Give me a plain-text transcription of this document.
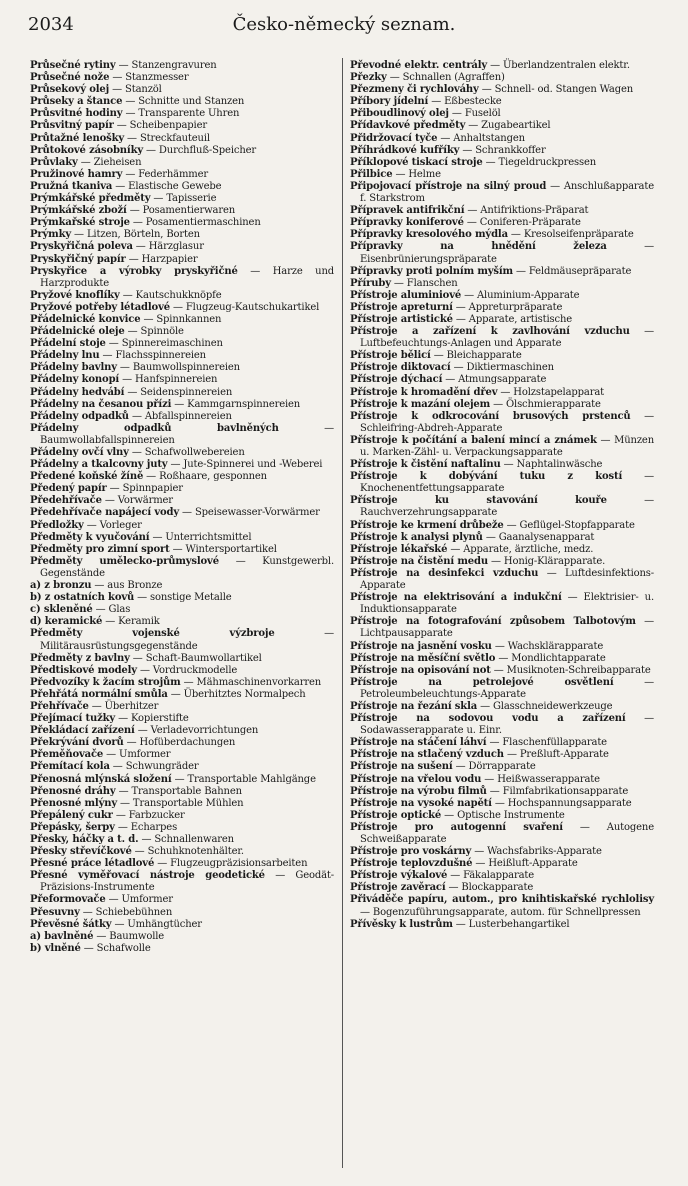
2034	Česko-německý seznam.
Průsečné rytiny — Stanzengravuren
Průsečné nože — Stanzmesser
Průsekový olej — Stanzöl
Průseky a štance — Schnitte und Stanzen
Průsvitné hodiny — Transparente Uhren
Průsvitný papír — Scheibenpapier
Průtažné lenošky — Streckfauteuil
Průtokové zásobníky — Durchfluß-Speicher
Průvlaky — Zieheisen
Pružinové hamry — Federhämmer
Pružná tkaniva — Elastische Gewebe
Prýmkářské předměty — Tapisserie
Prýmkářské zboží — Posamentierwaren
Prýmkařské stroje — Posamentiermaschinen
Prýmky — Litzen, Börteln, Borten
Pryskyřičná poleva — Härzglasur
Pryskyřičný papír — Harzpapier
Pryskyřice a výrobky pryskyřičné — Harze und Harzprodukte
Pryžové knoflíky — Kautschukknöpfe
Pryžové potřeby létadlové — Flugzeug-Kautschukartikel
Přádelnické konvice — Spinnkannen
Přádelnické oleje — Spinnöle
Přádelní stoje — Spinnereimaschinen
Přádelny lnu — Flachsspinnereien
Přádelny bavlny — Baumwollspinnereien
Přádelny konopí — Hanfspinnereien
Přádelny hedvábí — Seidenspinnereien
Přádelny na česanou přízi — Kammgarnspinnereien
Přádelny odpadků — Abfallspinnereien
Přádelny odpadků bavlněných — Baumwollabfallspinnereien
Přádelny ovčí vlny — Schafwollwebereien
Přádelny a tkalcovny juty — Jute-Spinnerei und -Weberei
Předené koňské žíně — Roßhaare, gesponnen
Předený papír — Spinnpapier
Předehřívače — Vorwärmer
Předehřívače napájecí vody — Speisewasser-Vorwärmer
Předložky — Vorleger
Předměty k vyučování — Unterrichtsmittel
Předměty pro zimní sport — Wintersportartikel
Předměty umělecko-průmyslové — Kunstgewerbl. Gegenstände
a) z bronzu — aus Bronze
b) z ostatních kovů — sonstige Metalle
c) skleněné — Glas
d) keramické — Keramik
Předměty vojenské výzbroje — Militärausrüstungsgegenstände
Předměty z bavlny — Schaft-Baumwollartikel
Předtiskové modely — Vordruckmodelle
Předvozíky k žacím strojům — Mähmaschinenvorkarren
Přehřátá normální smůla — Überhitztes Normalpech
Přehřívače — Überhitzer
Přejímací tužky — Kopierstifte
Překládací zařízení — Verladevorrichtungen
Překrývání dvorů — Hofüberdachungen
Přeměňovače — Umformer
Přemítací kola — Schwungräder
Přenosná mlýnská složení — Transportable Mahlgänge
Přenosné dráhy — Transportable Bahnen
Přenosné mlýny — Transportable Mühlen
Přepálený cukr — Farbzucker
Přepásky, šerpy — Echarpes
Přesky, háčky a t. d. — Schnallenwaren
Přesky střevíčkové — Schuhknotenhälter.
Přesné práce létadlové — Flugzeugpräzisionsarbeiten
Přesné vyměřovací nástroje geodetické — Geodät-Präzisions-Instrumente
Přeformovače — Umformer
Přesuvny — Schiebebühnen
Převěsné šátky — Umhängtücher
a) bavlněné — Baumwolle
b) vlněné — Schafwolle
Převodné elektr. centrály — Überlandzentralen elektr.
Přezky — Schnallen (Agraffen)
Přezmeny či rychlováhy — Schnell- od. Stangen Wagen
Příbory jídelní — Eßbestecke
Přiboudlinový olej — Fuselöl
Přídavkové předměty — Zugabeartikel
Přidržovací tyče — Anhaltstangen
Příhrádkové kufříky — Schrankkoffer
Příklopové tiskací stroje — Tiegeldruckpressen
Přilbice — Helme
Připojovací přístroje na silný proud — Anschlußapparate f. Starkstrom
Přípravek antifrikční — Antifriktions-Präparat
Přípravky koniferové — Coniferen-Präparate
Přípravky kresolového mýdla — Kresolseifenpräparate
Přípravky na hnědění železa — Eisenbrünierungspräparate
Přípravky proti polním myším — Feldmäusepräparate
Příruby — Flanschen
Přístroje aluminiové — Aluminium-Apparate
Přístroje apreturní — Appreturpräparate
Přístroje artistické — Apparate, artistische
Přístroje a zařízení k zavlhování vzduchu — Luftbefeuchtungs-Anlagen und Apparate
Přístroje bělicí — Bleichapparate
Přístroje diktovací — Diktiermaschinen
Přístroje dýchací — Atmungsapparate
Přístroje k hromadění dřev — Holzstapelapparat
Přístroje k mazání olejem — Ölschmierapparate
Přístroje k odkrocování brusových prstenců — Schleifring-Abdreh-Apparate
Přístroje k počítání a balení mincí a známek — Münzen u. Marken-Zähl- u. Verpackungsapparate
Přístroje k čistění naftalinu — Naphtalinwäsche
Přístroje k dobývání tuku z kostí — Knochenentfettungsapparate
Přístroje ku stavování kouře — Rauchverzehrungsapparate
Přístroje ke krmení drůbeže — Geflügel-Stopfapparate
Přístroje k analysi plynů — Gaanalysenapparat
Přístroje lékařské — Apparate, ärztliche, medz.
Přístroje na čistění medu — Honig-Klärapparate.
Přístroje na desinfekci vzduchu — Luftdesinfektions-Apparate
Přístroje na elektrisování a indukční — Elektrisier- u. Induktionsapparate
Přístroje na fotografování způsobem Talbotovým — Lichtpausapparate
Přístroje na jasnění vosku — Wachsklärapparate
Přístroje na měsíční světlo — Mondlichtapparate
Přístroje na opisování not — Musiknoten-Schreibapparate
Přístroje na petrolejové osvětlení — Petroleumbeleuchtungs-Apparate
Přístroje na řezání skla — Glasschneidewerkzeuge
Přístroje na sodovou vodu a zařízení — Sodawasserapparate u. Einr.
Přístroje na stáčení láhví — Flaschenfüllapparate
Přístroje na stlačený vzduch — Preßluft-Apparate
Přístroje na sušení — Dörrapparate
Přístroje na vřelou vodu — Heißwasserapparate
Přístroje na výrobu filmů — Filmfabrikationsapparate
Přístroje na vysoké napětí — Hochspannungsapparate
Přístroje optické — Optische Instrumente
Přístroje pro autogenní svaření — Autogene Schweißapparate
Přístroje pro voskárny — Wachsfabriks-Apparate
Přístroje teplovzdušné — Heißluft-Apparate
Přístroje výkalové — Fäkalapparate
Přístroje zavěrací — Blockapparate
Přiváděče papíru, autom., pro knihtiskařské rychlolisy — Bogenzuführungsapparate, autom. für Schnellpressen
Přívěsky k lustrům — Lusterbehangartikel
